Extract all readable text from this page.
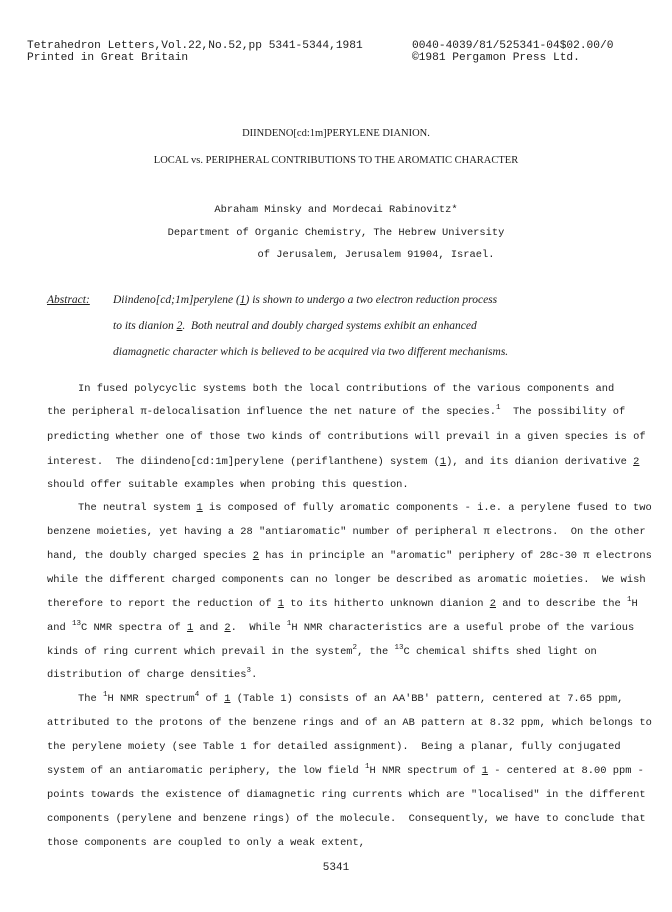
Tetrahedron Letters,Vol.22,No.52,pp 5341-5344,1981	0040-4039/81/525341-04$02.00/0
Printed in Great Britain	©1981 Pergamon Press Ltd.
DIINDENO[cd:1m]PERYLENE DIANION.
LOCAL vs. PERIPHERAL CONTRIBUTIONS TO THE AROMATIC CHARACTER
Abraham Minsky and Mordecai Rabinovitz*
Department of Organic Chemistry, The Hebrew University
of Jerusalem, Jerusalem 91904, Israel.
Abstract: Diindeno[cd;1m]perylene (1) is shown to undergo a two electron reduction process
to its dianion 2.  Both neutral and doubly charged systems exhibit an enhanced
diamagnetic character which is believed to be acquired via two different mechanisms.
In fused polycyclic systems both the local contributions of the various components and
the peripheral π-delocalisation influence the net nature of the species.$^1$  The possibility of
predicting whether one of those two kinds of contributions will prevail in a given species is of
interest.  The diindeno[cd:1m]perylene (periflanthene) system (1), and its dianion derivative 2
should offer suitable examples when probing this question.
The neutral system 1 is composed of fully aromatic components - i.e. a perylene fused to two
benzene moieties, yet having a 28 "antiaromatic" number of peripheral π electrons.  On the other
hand, the doubly charged species 2 has in principle an "aromatic" periphery of 28c-30 π electrons
while the different charged components can no longer be described as aromatic moieties.  We wish
therefore to report the reduction of 1 to its hitherto unknown dianion 2 and to describe the $^1$H
and $^{13}$C NMR spectra of 1 and 2.  While $^1$H NMR characteristics are a useful probe of the various
kinds of ring current which prevail in the system$^2$, the $^{13}$C chemical shifts shed light on
distribution of charge densities$^3$.
The $^1$H NMR spectrum$^4$ of 1 (Table 1) consists of an AA'BB' pattern, centered at 7.65 ppm,
attributed to the protons of the benzene rings and of an AB pattern at 8.32 ppm, which belongs to
the perylene moiety (see Table 1 for detailed assignment).  Being a planar, fully conjugated
system of an antiaromatic periphery, the low field $^1$H NMR spectrum of 1 - centered at 8.00 ppm -
points towards the existence of diamagnetic ring currents which are "localised" in the different
components (perylene and benzene rings) of the molecule.  Consequently, we have to conclude that
those components are coupled to only a weak extent,
5341
